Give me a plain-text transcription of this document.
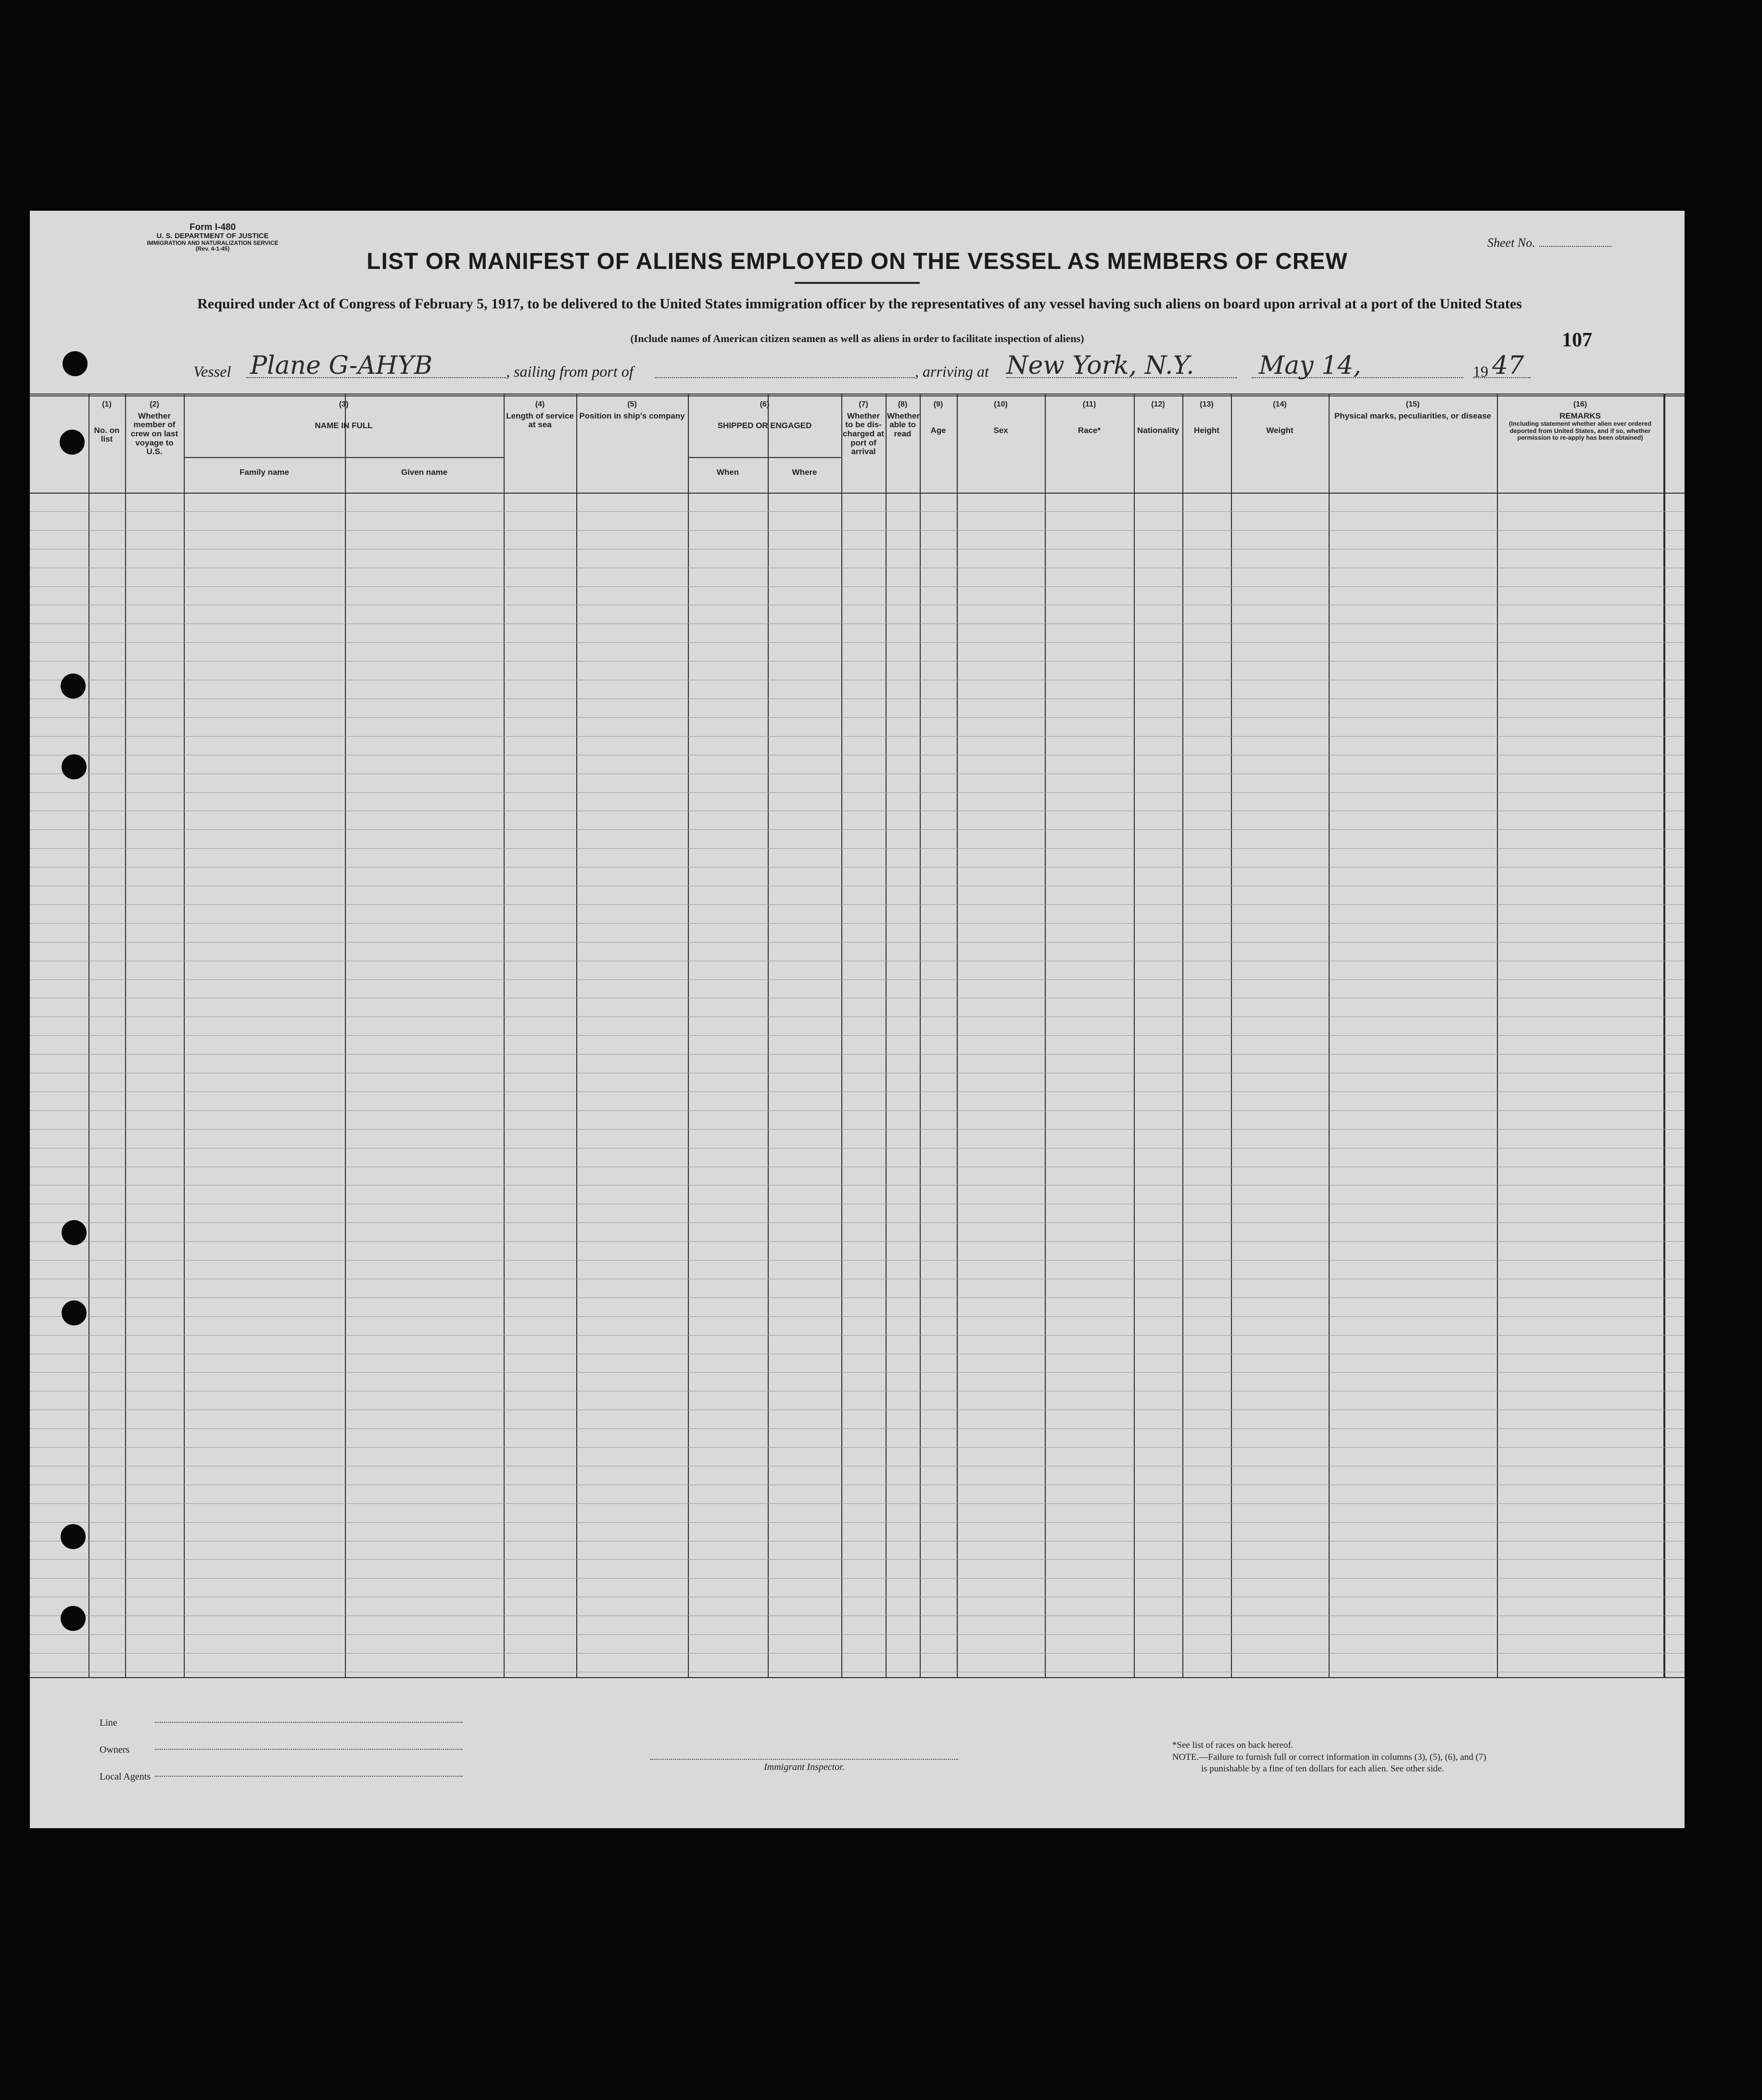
Form I-480
U. S. DEPARTMENT OF JUSTICE
IMMIGRATION AND NATURALIZATION SERVICE
(Rev. 4-1-45)	Sheet No.
LIST OR MANIFEST OF ALIENS EMPLOYED ON THE VESSEL AS MEMBERS OF CREW
Required under Act of Congress of February 5, 1917, to be delivered to the United States immigration officer by the representatives of any vessel having such aliens on board upon arrival at a port of the United States
(Include names of American citizen seamen as well as aliens in order to facilitate inspection of aliens)	107
Vessel Plane G-AHYB	, sailing from port of	, arriving at New York, N.Y.	May 14,	19 47
(1)
No. on list
(2)
Whether member of crew on last voyage to U.S.
(3)
NAME IN FULL
Family name	Given name
(4)
Length of service at sea
(5)
Position in ship's company
(6)
SHIPPED OR ENGAGED
When	Where
(7)
Whether to be dis-charged at port of arrival
(8)
Whether able to read
(9)
Age
(10)
Sex
(11)
Race*
(12)
Nationality
(13)
Height
(14)
Weight
(15)
Physical marks, peculiarities, or disease
(16)
REMARKS
(Including statement whether alien ever ordered deported from United States, and if so, whether permission to re-apply has been obtained)
Line
Owners
Local Agents
Immigrant Inspector.
*See list of races on back hereof.
NOTE.—Failure to furnish full or correct information in columns (3), (5), (6), and (7)
is punishable by a fine of ten dollars for each alien. See other side.
